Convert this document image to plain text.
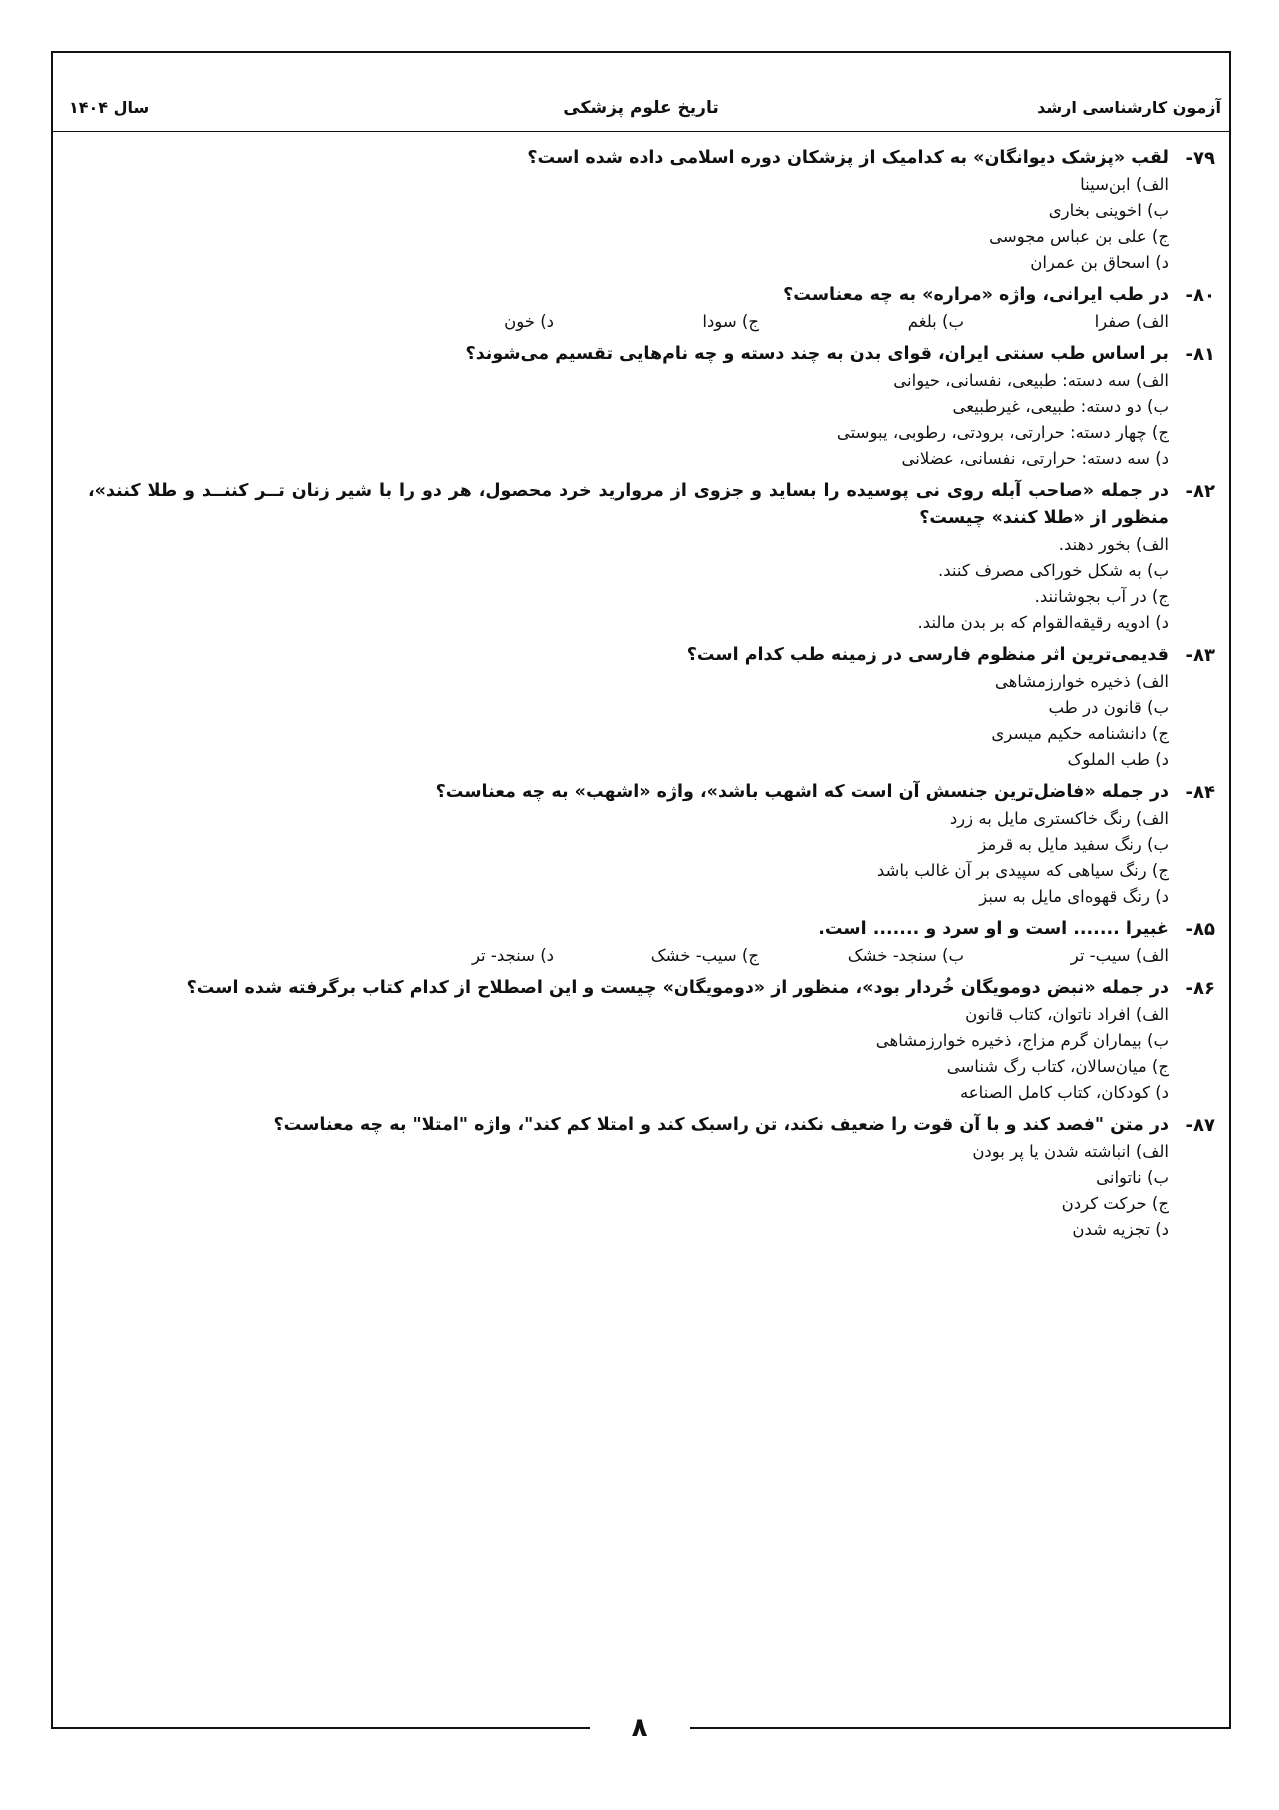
آزمون کارشناسی ارشد
تاریخ علوم پزشکی
سال ۱۴۰۴
۷۹-
لقب «پزشک دیوانگان» به کدامیک از پزشکان دوره اسلامی داده شده است؟
الف) ابن‌سینا
ب) اخوینی بخاری
ج) علی بن عباس مجوسی
د) اسحاق بن عمران
۸۰-
در طب ایرانی، واژه «مراره» به چه معناست؟
الف) صفرا
ب) بلغم
ج) سودا
د) خون
۸۱-
بر اساس طب سنتی ایران، قوای بدن به چند دسته و چه نام‌هایی تقسیم می‌شوند؟
الف) سه دسته: طبیعی، نفسانی، حیوانی
ب) دو دسته: طبیعی، غیرطبیعی
ج) چهار دسته: حرارتی، برودتی، رطوبی، یبوستی
د) سه دسته: حرارتی، نفسانی، عضلانی
۸۲-
در جمله «صاحب آبله روی نی پوسیده را بساید و جزوی از مروارید خرد محصول، هر دو را با شیر زنان تــر کننــد و طلا کنند»، منظور از «طلا کنند» چیست؟
الف) بخور دهند.
ب) به شکل خوراکی مصرف کنند.
ج) در آب بجوشانند.
د) ادویه رقیقه‌القوام که بر بدن مالند.
۸۳-
قدیمی‌ترین اثر منظوم فارسی در زمینه طب کدام است؟
الف) ذخیره خوارزمشاهی
ب) قانون در طب
ج) دانشنامه حکیم میسری
د) طب الملوک
۸۴-
در جمله «فاضل‌ترین جنسش آن است که اشهب باشد»، واژه «اشهب» به چه معناست؟
الف) رنگ خاکستری مایل به زرد
ب) رنگ سفید مایل به قرمز
ج) رنگ سیاهی که سپیدی بر آن غالب باشد
د) رنگ قهوه‌ای مایل به سبز
۸۵-
غبیرا ....... است و او سرد و ....... است.
الف) سیب- تر
ب) سنجد- خشک
ج) سیب- خشک
د) سنجد- تر
۸۶-
در جمله «نبض دومویگان خُردار بود»، منظور از «دومویگان» چیست و این اصطلاح از کدام کتاب برگرفته شده است؟
الف) افراد ناتوان، کتاب قانون
ب) بیماران گرم مزاج، ذخیره خوارزمشاهی
ج) میان‌سالان، کتاب رگ شناسی
د) کودکان، کتاب کامل الصناعه
۸۷-
در متن "فصد کند و با آن قوت را ضعیف نکند، تن راسبک کند و امتلا کم کند"، واژه "امتلا" به چه معناست؟
الف) انباشته شدن یا پر بودن
ب) ناتوانی
ج) حرکت کردن
د) تجزیه شدن
۸
